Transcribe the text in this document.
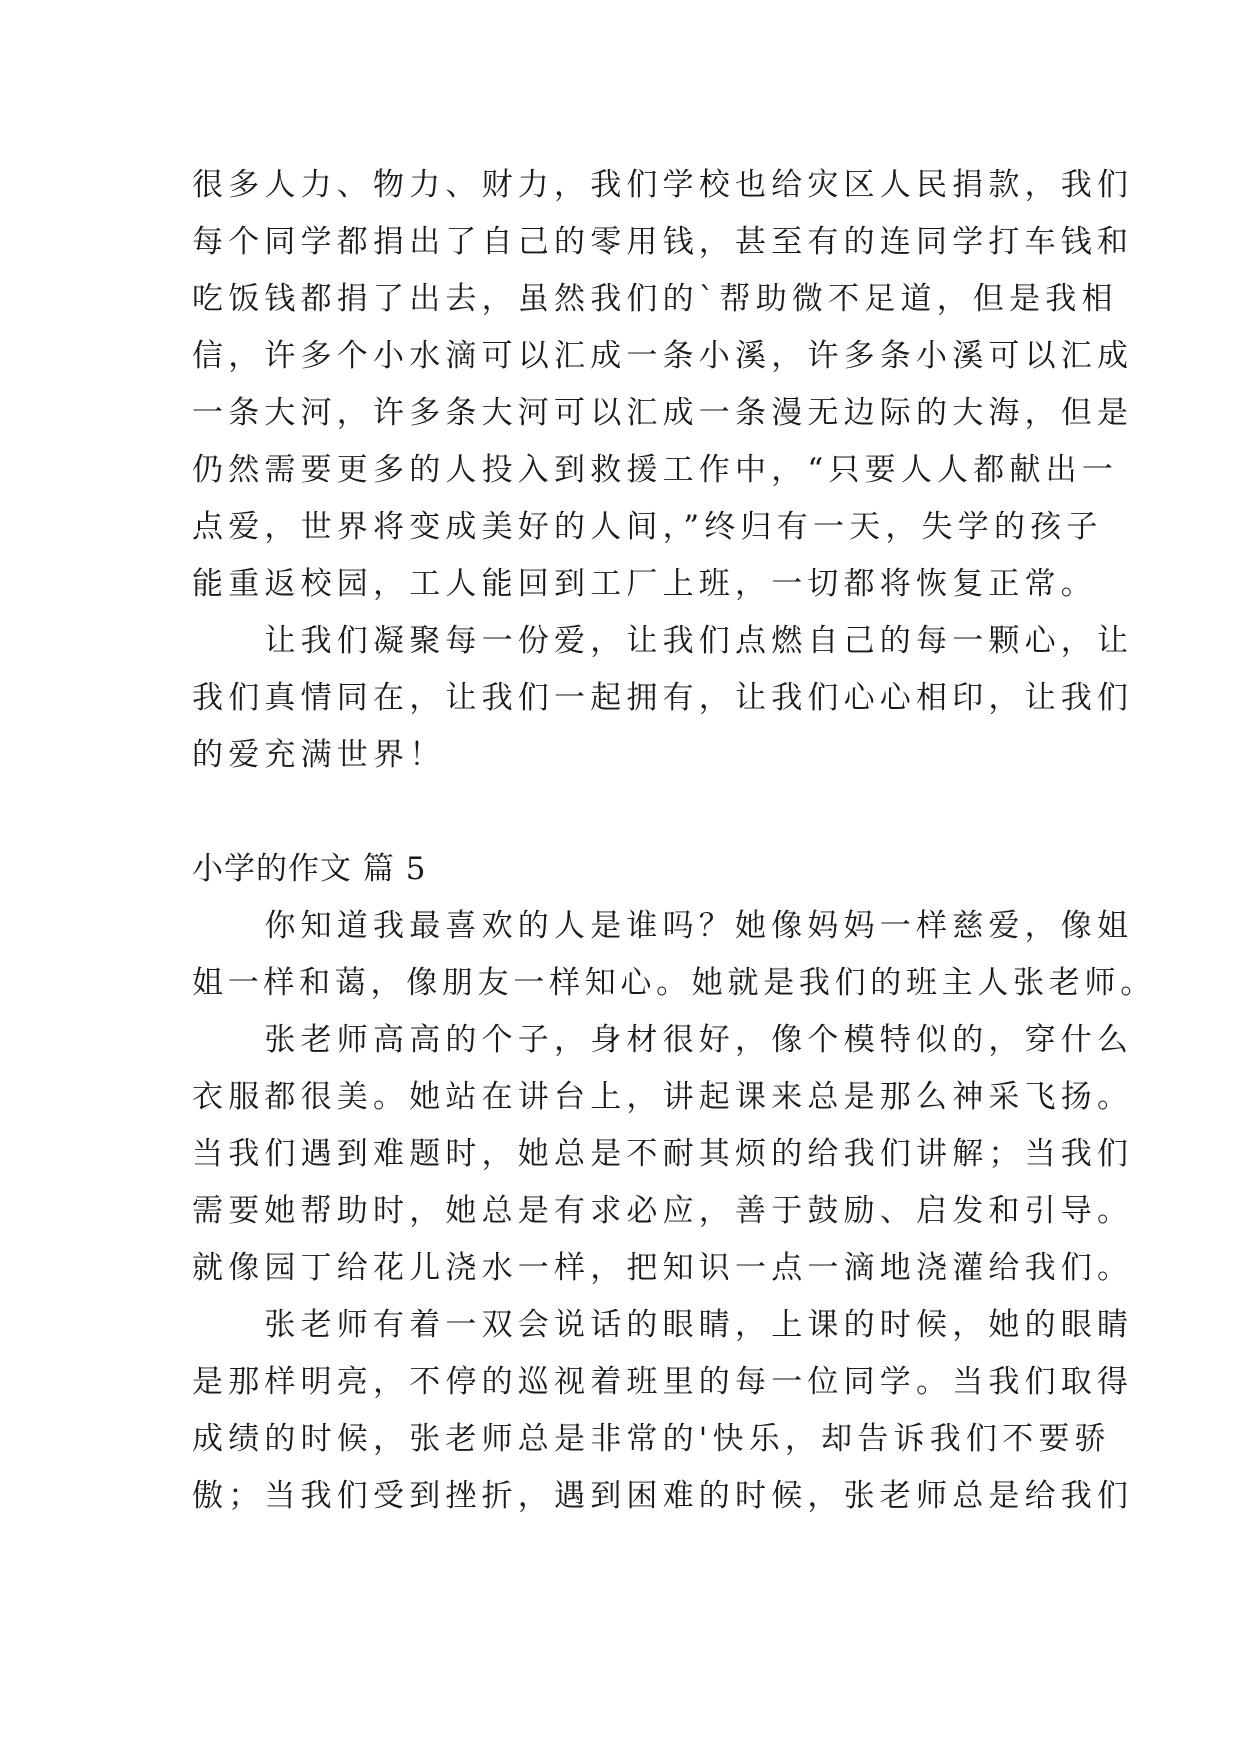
很多人力、物力、财力，我们学校也给灾区人民捐款，我们
每个同学都捐出了自己的零用钱，甚至有的连同学打车钱和
吃饭钱都捐了出去，虽然我们的`帮助微不足道，但是我相
信，许多个小水滴可以汇成一条小溪，许多条小溪可以汇成
一条大河，许多条大河可以汇成一条漫无边际的大海，但是
仍然需要更多的人投入到救援工作中，“只要人人都献出一
点爱，世界将变成美好的人间，”终归有一天，失学的孩子
能重返校园，工人能回到工厂上班，一切都将恢复正常。
　　让我们凝聚每一份爱，让我们点燃自己的每一颗心，让
我们真情同在，让我们一起拥有，让我们心心相印，让我们
的爱充满世界！
小学的作文 篇 5
　　你知道我最喜欢的人是谁吗？她像妈妈一样慈爱，像姐
姐一样和蔼，像朋友一样知心。她就是我们的班主人张老师。
　　张老师高高的个子，身材很好，像个模特似的，穿什么
衣服都很美。她站在讲台上，讲起课来总是那么神采飞扬。
当我们遇到难题时，她总是不耐其烦的给我们讲解；当我们
需要她帮助时，她总是有求必应，善于鼓励、启发和引导。
就像园丁给花儿浇水一样，把知识一点一滴地浇灌给我们。
　　张老师有着一双会说话的眼睛，上课的时候，她的眼睛
是那样明亮，不停的巡视着班里的每一位同学。当我们取得
成绩的时候，张老师总是非常的'快乐，却告诉我们不要骄
傲；当我们受到挫折，遇到困难的时候，张老师总是给我们
